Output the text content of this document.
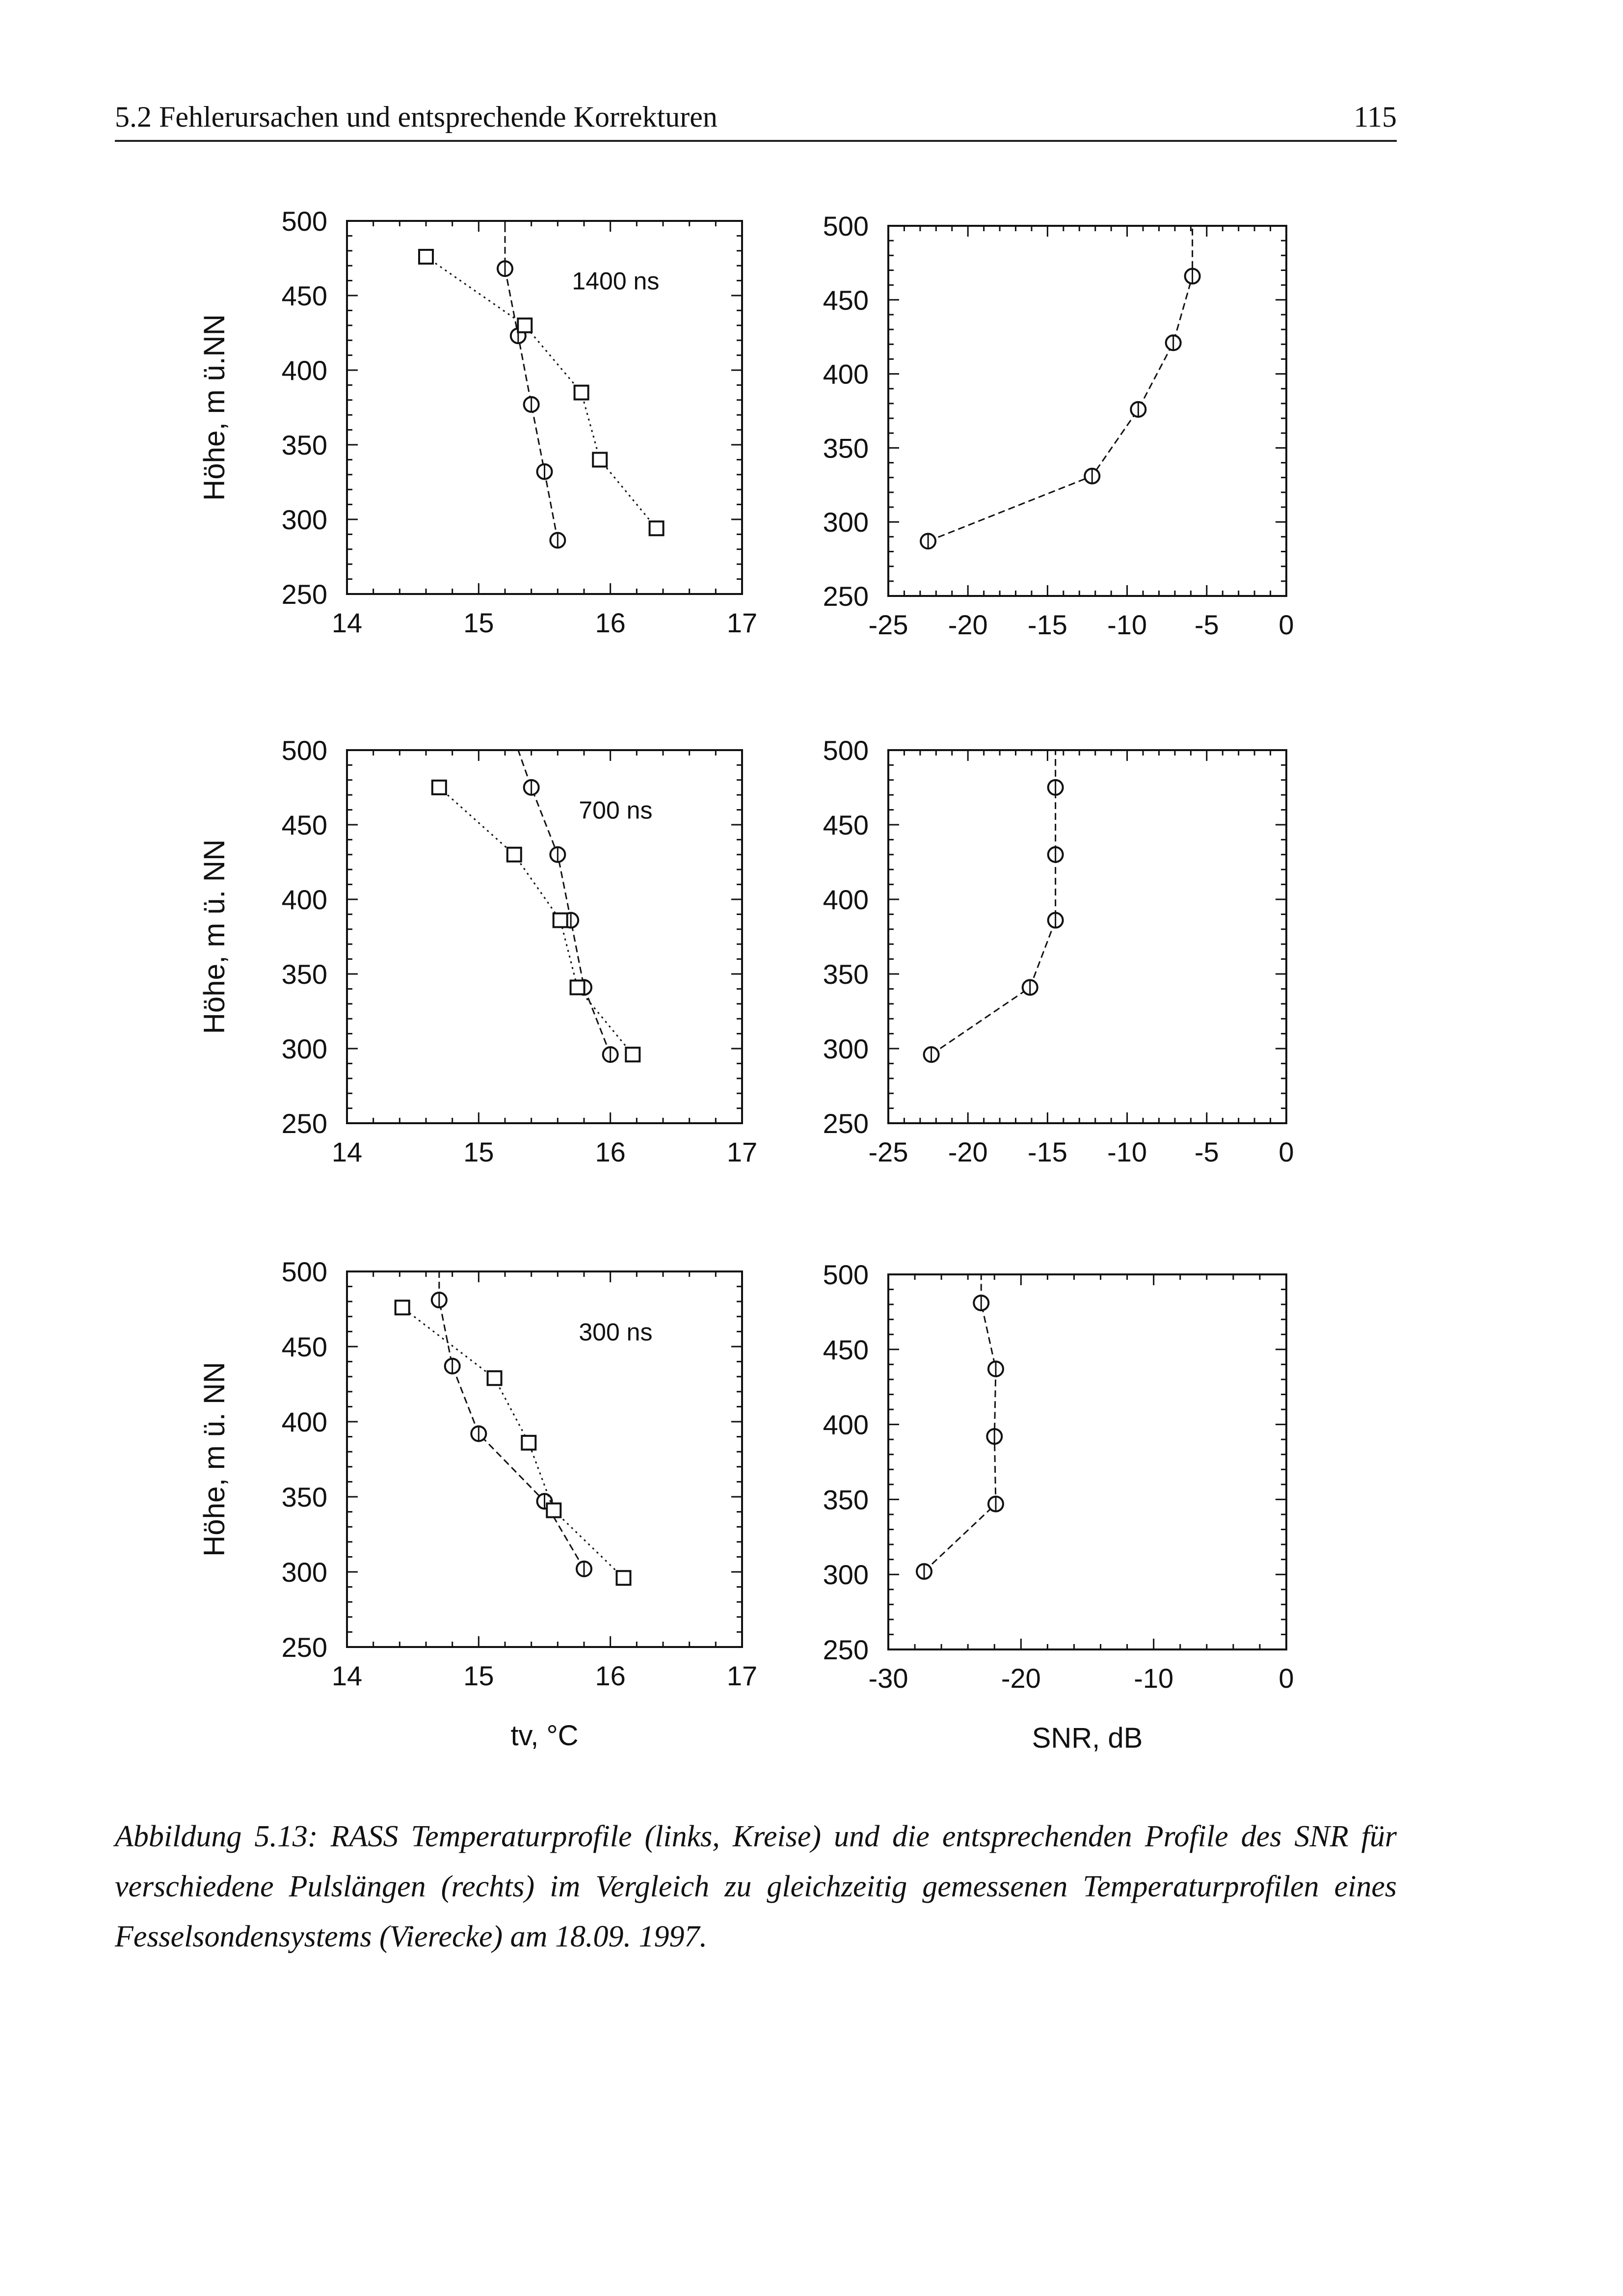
5.2 Fehlerursachen und entsprechende Korrekturen	115
14	15	16	17
250
300
350
400
450
500
Höhe, m ü.NN
1400 ns
-25 -20 -15 -10 -5 0
250
300
350
400
450
500
14	15	16	17
250
300
350
400
450
500
Höhe, m ü. NN
700 ns
-25 -20 -15 -10 -5 0
250
300
350
400
450
500
14	15	16	17
250
300
350
400
450
500
Höhe, m ü. NN
tv, °C
300 ns
-30	-20	-10	0
250
300
350
400
450
500
SNR, dB
Abbildung 5.13: RASS Temperaturprofile (links, Kreise) und die entsprechenden Profile des SNR für verschiedene Pulslängen (rechts) im Vergleich zu gleichzeitig gemessenen Temperaturprofilen eines Fesselsondensystems (Vierecke) am 18.09. 1997.
